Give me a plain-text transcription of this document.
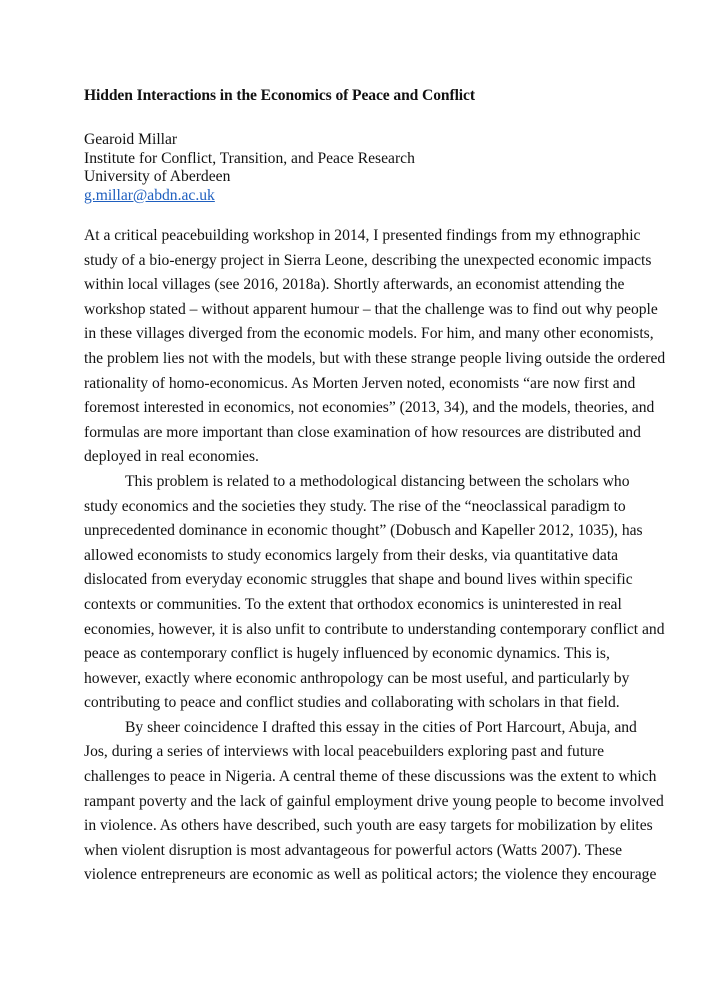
Hidden Interactions in the Economics of Peace and Conflict
Gearoid Millar
Institute for Conflict, Transition, and Peace Research
University of Aberdeen
g.millar@abdn.ac.uk

At a critical peacebuilding workshop in 2014, I presented findings from my ethnographic
study of a bio-energy project in Sierra Leone, describing the unexpected economic impacts
within local villages (see 2016, 2018a). Shortly afterwards, an economist attending the
workshop stated – without apparent humour – that the challenge was to find out why people
in these villages diverged from the economic models. For him, and many other economists,
the problem lies not with the models, but with these strange people living outside the ordered
rationality of homo-economicus. As Morten Jerven noted, economists “are now first and
foremost interested in economics, not economies” (2013, 34), and the models, theories, and
formulas are more important than close examination of how resources are distributed and
deployed in real economies.

This problem is related to a methodological distancing between the scholars who
study economics and the societies they study. The rise of the “neoclassical paradigm to
unprecedented dominance in economic thought” (Dobusch and Kapeller 2012, 1035), has
allowed economists to study economics largely from their desks, via quantitative data
dislocated from everyday economic struggles that shape and bound lives within specific
contexts or communities. To the extent that orthodox economics is uninterested in real
economies, however, it is also unfit to contribute to understanding contemporary conflict and
peace as contemporary conflict is hugely influenced by economic dynamics. This is,
however, exactly where economic anthropology can be most useful, and particularly by
contributing to peace and conflict studies and collaborating with scholars in that field.

By sheer coincidence I drafted this essay in the cities of Port Harcourt, Abuja, and
Jos, during a series of interviews with local peacebuilders exploring past and future
challenges to peace in Nigeria. A central theme of these discussions was the extent to which
rampant poverty and the lack of gainful employment drive young people to become involved
in violence. As others have described, such youth are easy targets for mobilization by elites
when violent disruption is most advantageous for powerful actors (Watts 2007). These
violence entrepreneurs are economic as well as political actors; the violence they encourage
